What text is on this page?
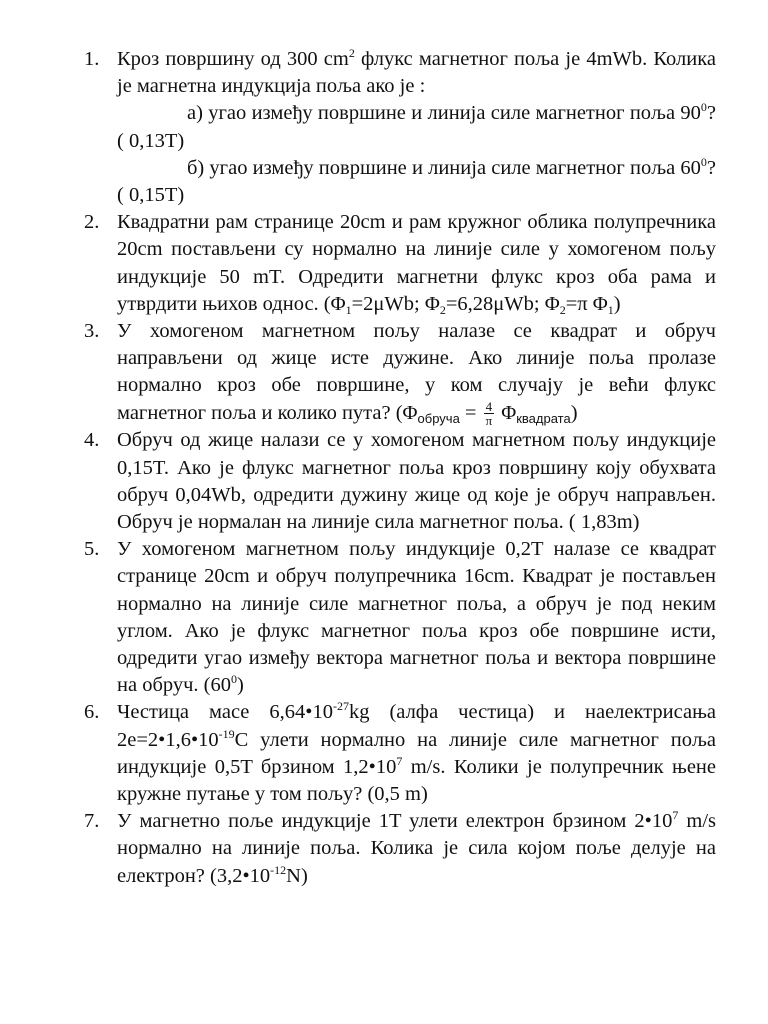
1. Кроз површину од 300 $cm^2$ флукс магнетног поља је 4mWb. Колика је магнетна индукција поља ако је :
а) угао између површине и линија силе магнетног поља $90^0$? ( 0,13T)
б) угао између површине и линија силе магнетног поља $60^0$? ( 0,15T)
2. Квадратни рам странице 20cm и рам кружног облика полупречника 20cm постављени су нормално на линије силе у хомогеном пољу индукције 50 mT. Одредити магнетни флукс кроз оба рама и утврдити њихов однос. ($\Phi_1=2\mu Wb$; $\Phi_2=6,28\mu Wb$; $\Phi_2=\pi$ $\Phi_1$)
3. У хомогеном магнетном пољу налазе се квадрат и обруч направљени од жице исте дужине. Ако линије поља пролазе нормално кроз обе површине, у ком случају је већи флукс магнетног поља и колико пута? $(\Phi_{обруча} = \frac{4}{\pi} \Phi_{квадрата})$
4. Обруч од жице налази се у хомогеном магнетном пољу индукције 0,15T. Ако је флукс магнетног поља кроз површину коју обухвата обруч 0,04Wb, одредити дужину жице од које је обруч направљен. Обруч је нормалан на линије сила магнетног поља. ( 1,83m)
5. У хомогеном магнетном пољу индукције 0,2T налазе се квадрат странице 20cm и обруч полупречника 16cm. Квадрат је постављен нормално на линије силе магнетног поља, а обруч је под неким углом. Ако је флукс магнетног поља кроз обе површине исти, одредити угао између вектора магнетног поља и вектора површине на обруч. $(60^0)$
6. Честица масе $6,64•10^{-27}kg$ (алфа честица) и наелектрисања $2e=2•1,6•10^{-19}C$ улети нормално на линије силе магнетног поља индукције 0,5T брзином $1,2•10^7$ m/s. Колики је полупречник њене кружне путање у том пољу? (0,5 m)
7. У магнетно поље индукције 1T улети електрон брзином $2•10^7$ m/s нормално на линије поља. Колика је сила којом поље делује на електрон? $(3,2•10^{-12}N)$
